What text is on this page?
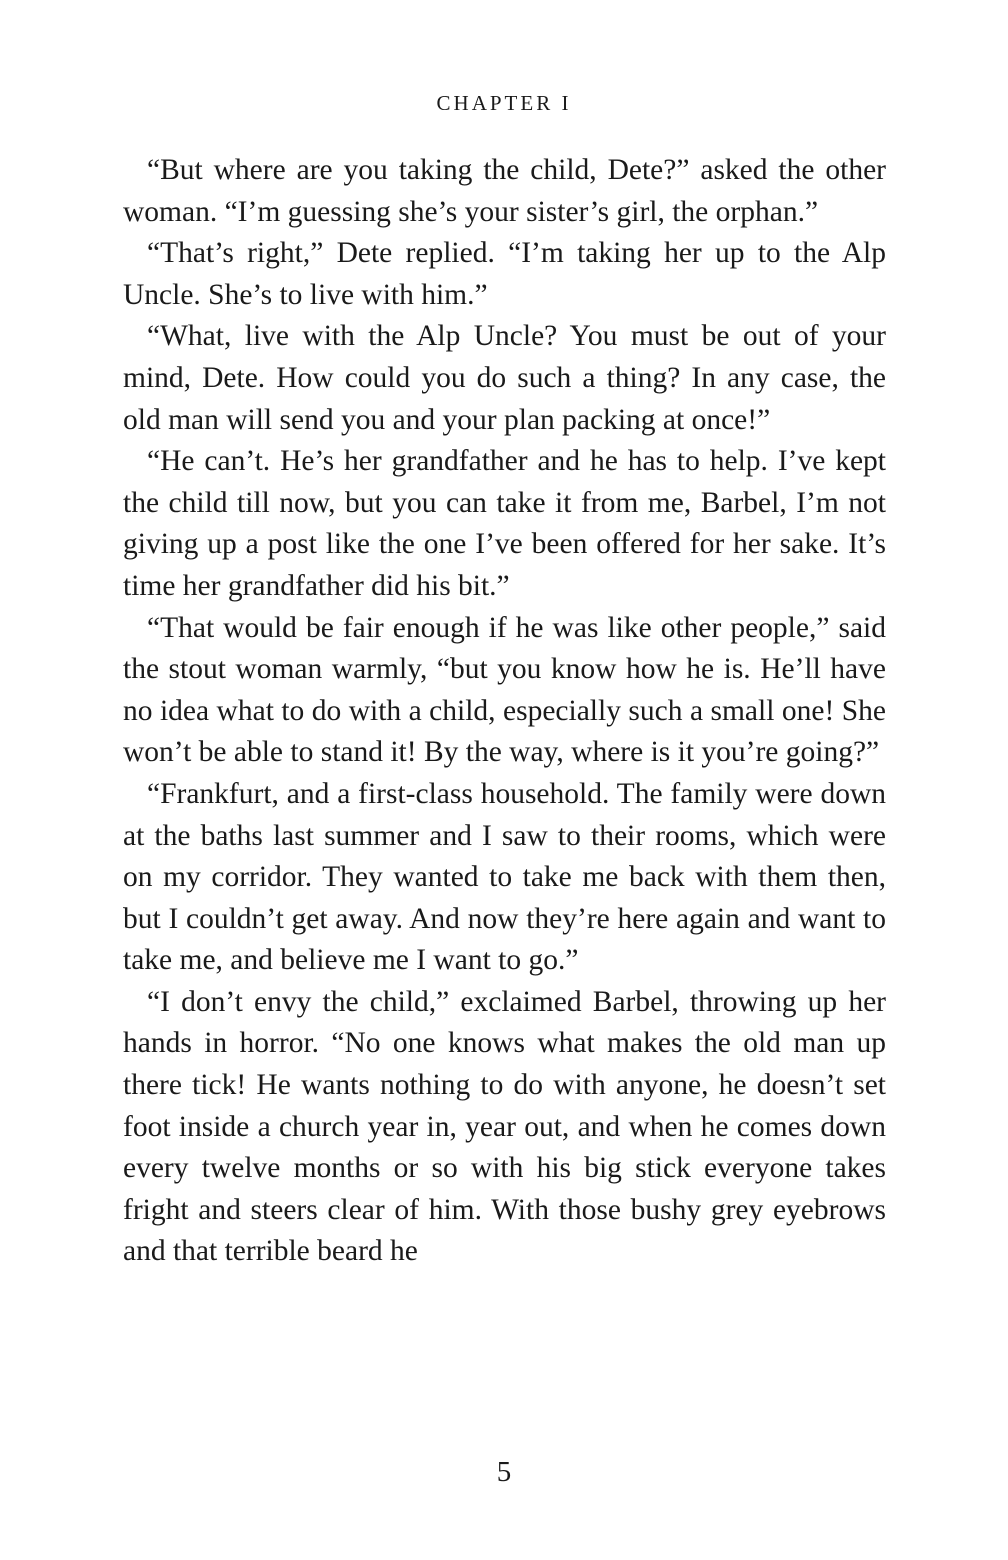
CHAPTER I

“But where are you taking the child, Dete?” asked the other woman. “I’m guessing she’s your sister’s girl, the orphan.”

“That’s right,” Dete replied. “I’m taking her up to the Alp Uncle. She’s to live with him.”

“What, live with the Alp Uncle? You must be out of your mind, Dete. How could you do such a thing? In any case, the old man will send you and your plan packing at once!”

“He can’t. He’s her grandfather and he has to help. I’ve kept the child till now, but you can take it from me, Barbel, I’m not giving up a post like the one I’ve been offered for her sake. It’s time her grandfather did his bit.”

“That would be fair enough if he was like other people,” said the stout woman warmly, “but you know how he is. He’ll have no idea what to do with a child, especially such a small one! She won’t be able to stand it! By the way, where is it you’re going?”

“Frankfurt, and a first-class household. The family were down at the baths last summer and I saw to their rooms, which were on my corridor. They wanted to take me back with them then, but I couldn’t get away. And now they’re here again and want to take me, and believe me I want to go.”

“I don’t envy the child,” exclaimed Barbel, throwing up her hands in horror. “No one knows what makes the old man up there tick! He wants nothing to do with anyone, he doesn’t set foot inside a church year in, year out, and when he comes down every twelve months or so with his big stick everyone takes fright and steers clear of him. With those bushy grey eyebrows and that terrible beard he

5
